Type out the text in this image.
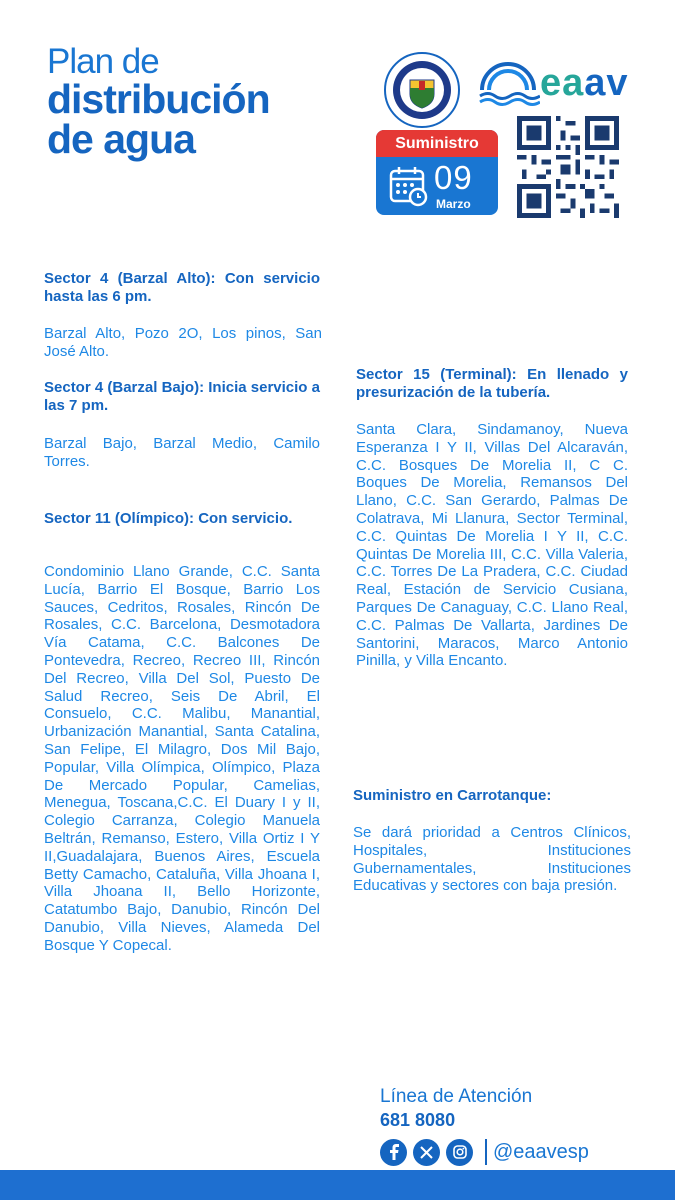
Plan de
distribución
de agua
eaav
Suministro
09
Marzo
Sector 4 (Barzal Alto): Con servicio hasta las 6 pm.
Barzal Alto, Pozo 2O, Los pinos, San José Alto.
Sector 4 (Barzal Bajo): Inicia servicio a las 7 pm.
Barzal Bajo, Barzal Medio, Camilo Torres.
Sector 11 (Olímpico): Con servicio.
Condominio Llano Grande, C.C. Santa Lucía, Barrio El Bosque, Barrio Los Sauces, Cedritos, Rosales, Rincón De Rosales, C.C. Barcelona, Desmotadora Vía Catama, C.C. Balcones De Pontevedra, Recreo, Recreo III, Rincón Del Recreo, Villa Del Sol, Puesto De Salud Recreo, Seis De Abril, El Consuelo, C.C. Malibu, Manantial, Urbanización Manantial, Santa Catalina, San Felipe, El Milagro, Dos Mil Bajo, Popular, Villa Olímpica, Olímpico, Plaza De Mercado Popular, Camelias, Menegua, Toscana,C.C. El Duary I y II, Colegio Carranza, Colegio Manuela Beltrán, Remanso, Estero, Villa Ortiz I Y II,Guadalajara, Buenos Aires, Escuela Betty Camacho, Cataluña, Villa Jhoana I, Villa Jhoana II, Bello Horizonte, Catatumbo Bajo, Danubio, Rincón Del Danubio, Villa Nieves, Alameda Del Bosque Y Copecal.
Sector 15 (Terminal): En llenado y presurización de la tubería.
Santa Clara, Sindamanoy, Nueva Esperanza I Y II, Villas Del Alcaraván, C.C. Bosques De Morelia II, C C. Boques De Morelia, Remansos Del Llano, C.C. San Gerardo, Palmas De Colatrava, Mi Llanura, Sector Terminal, C.C. Quintas De Morelia I Y II, C.C. Quintas De Morelia III, C.C. Villa Valeria, C.C. Torres De La Pradera, C.C. Ciudad Real, Estación de Servicio Cusiana, Parques De Canaguay, C.C. Llano Real, C.C. Palmas De Vallarta, Jardines De Santorini, Maracos, Marco Antonio Pinilla, y Villa Encanto.
Suministro en Carrotanque:
Se dará prioridad a Centros Clínicos, Hospitales, Instituciones Gubernamentales, Instituciones Educativas y sectores con baja presión.
Línea de Atención
681 8080
@eaavesp
